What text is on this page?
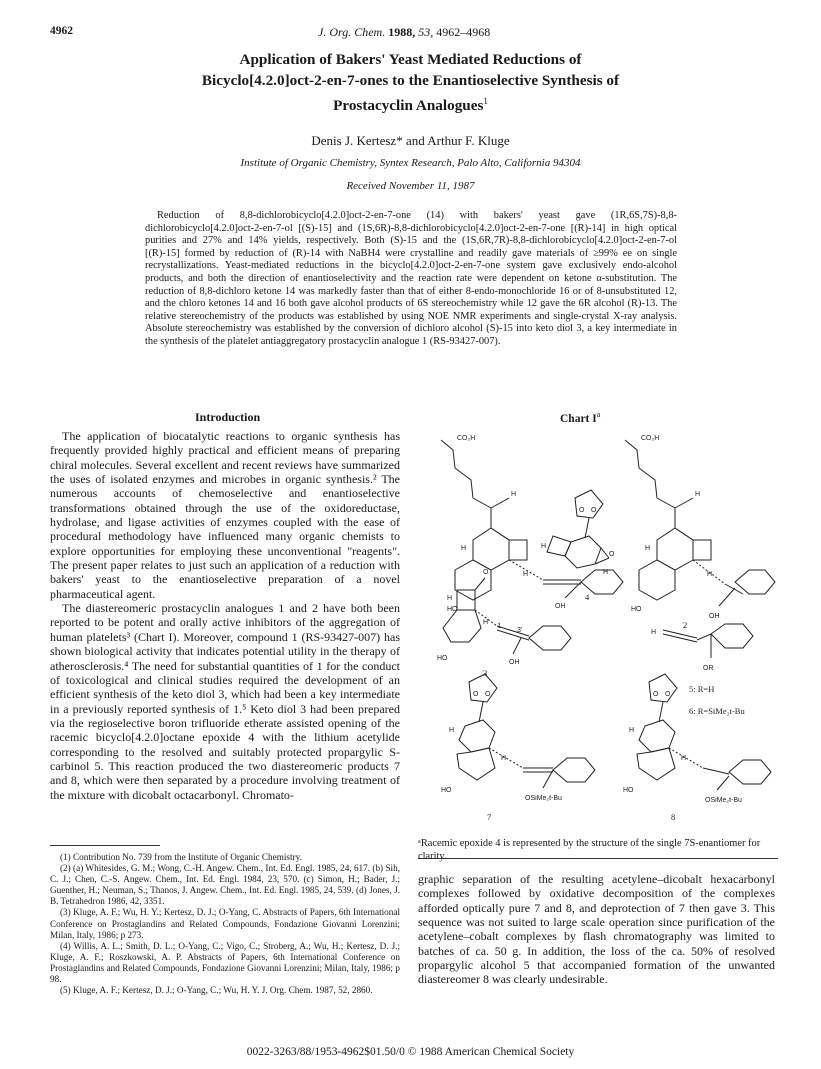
4962	J. Org. Chem. 1988, 53, 4962–4968
Application of Bakers' Yeast Mediated Reductions of
Bicyclo[4.2.0]oct-2-en-7-ones to the Enantioselective Synthesis of
Prostacyclin Analogues$^1$
Denis J. Kertesz* and Arthur F. Kluge
Institute of Organic Chemistry, Syntex Research, Palo Alto, California 94304
Received November 11, 1987
Reduction of 8,8-dichlorobicyclo[4.2.0]oct-2-en-7-one (14) with bakers' yeast gave (1R,6S,7S)-8,8-dichlorobicyclo[4.2.0]oct-2-en-7-ol [(S)-15] and (1S,6R)-8,8-dichlorobicyclo[4.2.0]oct-2-en-7-one [(R)-14] in high optical purities and 27% and 14% yields, respectively. Both (S)-15 and the (1S,6R,7R)-8,8-dichlorobicyclo[4.2.0]oct-2-en-7-ol [(R)-15] formed by reduction of (R)-14 with NaBH4 were crystalline and readily gave materials of ≥99% ee on single recrystallizations. Yeast-mediated reductions in the bicyclo[4.2.0]oct-2-en-7-one system gave exclusively endo-alcohol products, and both the direction of enantioselectivity and the reaction rate were dependent on ketone α-substitution. The reduction of 8,8-dichloro ketone 14 was markedly faster than that of either 8-endo-monochloride 16 or of 8-unsubstituted 12, and the chloro ketones 14 and 16 both gave alcohol products of 6S stereochemistry while 12 gave the 6R alcohol (R)-13. The relative stereochemistry of the products was established by using NOE NMR experiments and single-crystal X-ray analysis. Absolute stereochemistry was established by the conversion of dichloro alcohol (S)-15 into keto diol 3, a key intermediate in the synthesis of the platelet antiaggregatory prostacyclin analogue 1 (RS-93427-007).
Introduction

The application of biocatalytic reactions to organic synthesis has frequently provided highly practical and efficient means of preparing chiral molecules. Several excellent and recent reviews have summarized the uses of isolated enzymes and microbes in organic synthesis.² The numerous accounts of chemoselective and enantioselective transformations obtained through the use of the oxidoreductase, hydrolase, and ligase activities of enzymes coupled with the ease of procedural methodology have influenced many organic chemists to explore opportunities for employing these unconventional "reagents". The present paper relates to just such an application of a reduction with bakers' yeast to the enantioselective preparation of a novel pharmaceutical agent.

The diastereomeric prostacyclin analogues 1 and 2 have both been reported to be potent and orally active inhibitors of the aggregation of human platelets³ (Chart I). Moreover, compound 1 (RS-93427-007) has shown biological activity that indicates potential utility in the therapy of atherosclerosis.⁴ The need for substantial quantities of 1 for the conduct of toxicological and clinical studies required the development of an efficient synthesis of the keto diol 3, which had been a key intermediate in a previously reported synthesis of 1.⁵ Keto diol 3 had been prepared via the regioselective boron trifluoride etherate assisted opening of the racemic bicyclo[4.2.0]octane epoxide 4 with the lithium acetylide corresponding to the resolved and suitably protected propargylic S-carbinol 5. This reaction produced the two diastereomeric products 7 and 8, which were then separated by a procedure involving treatment of the mixture with dicobalt octacarbonyl. Chromato-

(1) Contribution No. 739 from the Institute of Organic Chemistry.

(2) (a) Whitesides, G. M.; Wong, C.-H. Angew. Chem., Int. Ed. Engl. 1985, 24, 617. (b) Sih, C. J.; Chen, C.-S. Angew. Chem., Int. Ed. Engl. 1984, 23, 570. (c) Simon, H.; Bader, J.; Guenther, H.; Neuman, S.; Thanos, J. Angew. Chem., Int. Ed. Engl. 1985, 24, 539. (d) Jones, J. B. Tetrahedron 1986, 42, 3351.

(3) Kluge, A. F.; Wu, H. Y.; Kertesz, D. J.; O-Yang, C. Abstracts of Papers, 6th International Conference on Prostaglandins and Related Compounds, Fondazione Giovanni Lorenzini; Milan, Italy, 1986; p 273.

(4) Willis, A. L.; Smith, D. L.; O-Yang, C.; Vigo, C.; Stroberg, A.; Wu, H.; Kertesz, D. J.; Kluge, A. F.; Roszkowski, A. P. Abstracts of Papers, 6th International Conference on Prostaglandins and Related Compounds, Fondazione Giovanni Lorenzini; Milan, Italy, 1986; p 98.

(5) Kluge, A. F.; Kertesz, D. J.; O-Yang, C.; Wu, H. Y. J. Org. Chem. 1987, 52, 2860.

Chart $I^a$
CO₂H
H
H
H
HO	OH
1
CO₂H
H
H
H
HO
OH
2
O O
H
H
O
4
O
H
H
3'
HO
OH
3
H
OR
5: R=H
6: R=SiMe₂t-Bu
O O
H
H
HO
OSiMe₂t-Bu
7
O O
H
H
HO
OSiMe₂t-Bu
8
ᵃRacemic epoxide 4 is represented by the structure of the single 7S-enantiomer for clarity.

graphic separation of the resulting acetylene–dicobalt hexacarbonyl complexes followed by oxidative decomposition of the complexes afforded optically pure 7 and 8, and deprotection of 7 then gave 3. This sequence was not suited to large scale operation since purification of the acetylene–cobalt complexes by flash chromatography was limited to batches of ca. 50 g. In addition, the loss of the ca. 50% of resolved propargylic alcohol 5 that accompanied formation of the unwanted diastereomer 8 was clearly undesirable.

0022-3263/88/1953-4962$01.50/0 © 1988 American Chemical Society
